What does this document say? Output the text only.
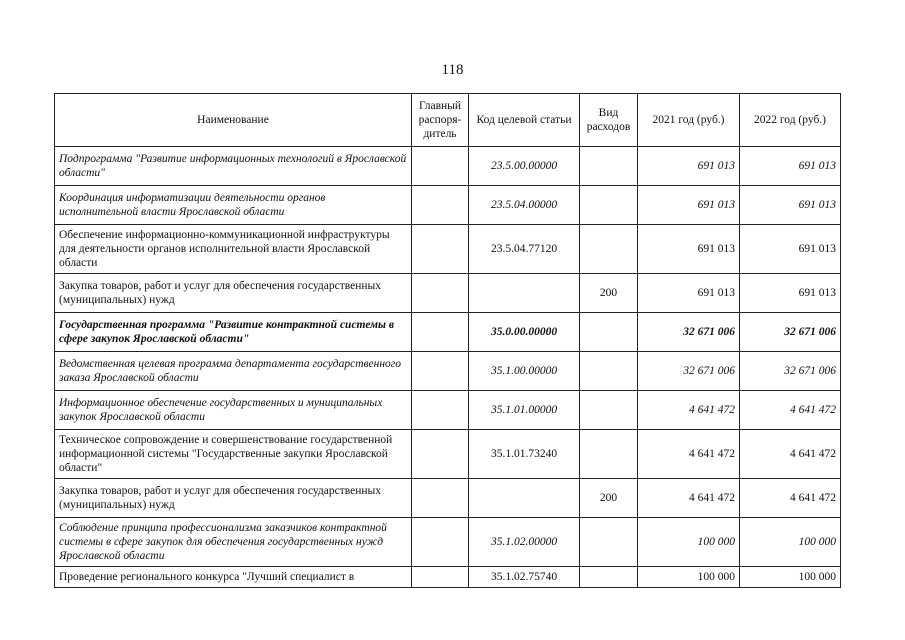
118
Наименование	Главный распоря-дитель	Код целевой статьи	Вид расходов	2021 год (руб.)	2022 год (руб.)
Подпрограмма "Развитие информационных технологий в Ярославской области"		23.5.00.00000		691 013	691 013
Координация информатизации деятельности органов исполнительной власти Ярославской области		23.5.04.00000		691 013	691 013
Обеспечение информационно-коммуникационной инфраструктуры для деятельности органов исполнительной власти Ярославской области		23.5.04.77120		691 013	691 013
Закупка товаров, работ и услуг для обеспечения государственных (муниципальных) нужд			200	691 013	691 013
Государственная программа "Развитие контрактной системы в сфере закупок Ярославской области"		35.0.00.00000		32 671 006	32 671 006
Ведомственная целевая программа департамента государственного заказа Ярославской области		35.1.00.00000		32 671 006	32 671 006
Информационное обеспечение государственных и муниципальных закупок Ярославской области		35.1.01.00000		4 641 472	4 641 472
Техническое сопровождение и совершенствование государственной информационной системы "Государственные закупки Ярославской области"		35.1.01.73240		4 641 472	4 641 472
Закупка товаров, работ и услуг для обеспечения государственных (муниципальных) нужд			200	4 641 472	4 641 472
Соблюдение принципа профессионализма заказчиков контрактной системы в сфере закупок для обеспечения государственных нужд Ярославской области		35.1.02.00000		100 000	100 000
Проведение регионального конкурса "Лучший специалист в		35.1.02.75740		100 000	100 000
